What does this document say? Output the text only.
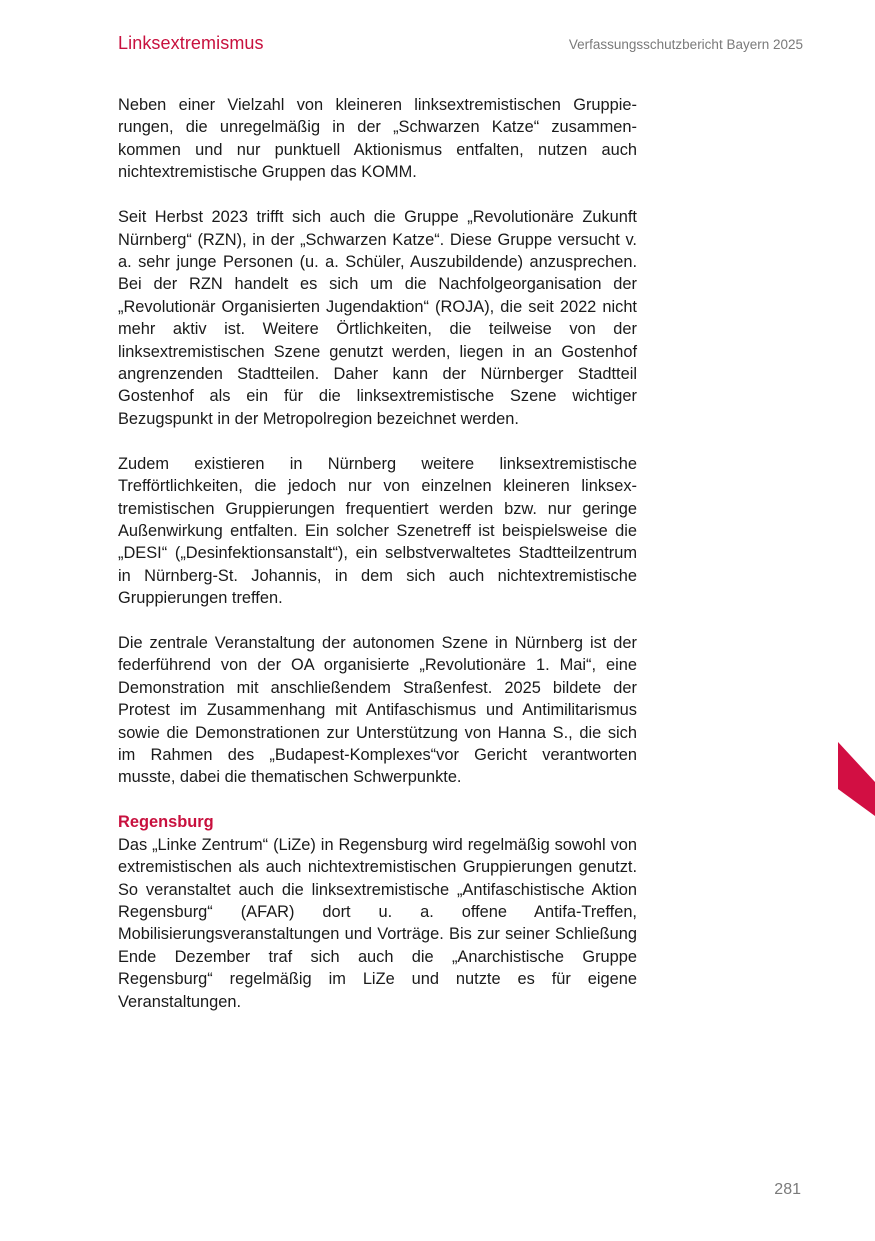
Linksextremismus	Verfassungsschutzbericht Bayern 2025

Neben einer Vielzahl von kleineren linksextremistischen Gruppierungen, die unregelmäßig in der „Schwarzen Katze“ zusammenkommen und nur punktuell Aktionismus entfalten, nutzen auch nichtextremistische Gruppen das KOMM.

Seit Herbst 2023 trifft sich auch die Gruppe „Revolutionäre Zukunft Nürnberg“ (RZN), in der „Schwarzen Katze“. Diese Gruppe versucht v. a. sehr junge Personen (u. a. Schüler, Auszubildende) anzusprechen. Bei der RZN handelt es sich um die Nachfolgeorganisation der „Revolutionär Organisierten Jugendaktion“ (ROJA), die seit 2022 nicht mehr aktiv ist. Weitere Örtlichkeiten, die teilweise von der linksextremistischen Szene genutzt werden, liegen in an Gostenhof angrenzenden Stadtteilen. Daher kann der Nürnberger Stadtteil Gostenhof als ein für die linksextremistische Szene wichtiger Bezugspunkt in der Metropolregion bezeichnet werden.

Zudem existieren in Nürnberg weitere linksextremistische Trefförtlichkeiten, die jedoch nur von einzelnen kleineren linksextremistischen Gruppierungen frequentiert werden bzw. nur geringe Außenwirkung entfalten. Ein solcher Szenetreff ist beispielsweise die „DESI“ („Desinfektionsanstalt“), ein selbstverwaltetes Stadtteilzentrum in Nürnberg-St. Johannis, in dem sich auch nichtextremistische Gruppierungen treffen.

Die zentrale Veranstaltung der autonomen Szene in Nürnberg ist der federführend von der OA organisierte „Revolutionäre 1. Mai“, eine Demonstration mit anschließendem Straßenfest. 2025 bildete der Protest im Zusammenhang mit Antifaschismus und Antimilitarismus sowie die Demonstrationen zur Unterstützung von Hanna S., die sich im Rahmen des „Budapest-Komplexes“vor Gericht verantworten musste, dabei die thematischen Schwerpunkte.

Regensburg

Das „Linke Zentrum“ (LiZe) in Regensburg wird regelmäßig sowohl von extremistischen als auch nichtextremistischen Gruppierungen genutzt. So veranstaltet auch die linksextremistische „Antifaschistische Aktion Regensburg“ (AFAR) dort u. a. offene Antifa-Treffen, Mobilisierungsveranstaltungen und Vorträge. Bis zur seiner Schließung Ende Dezember traf sich auch die „Anarchistische Gruppe Regensburg“ regelmäßig im LiZe und nutzte es für eigene Veranstaltungen.

281
